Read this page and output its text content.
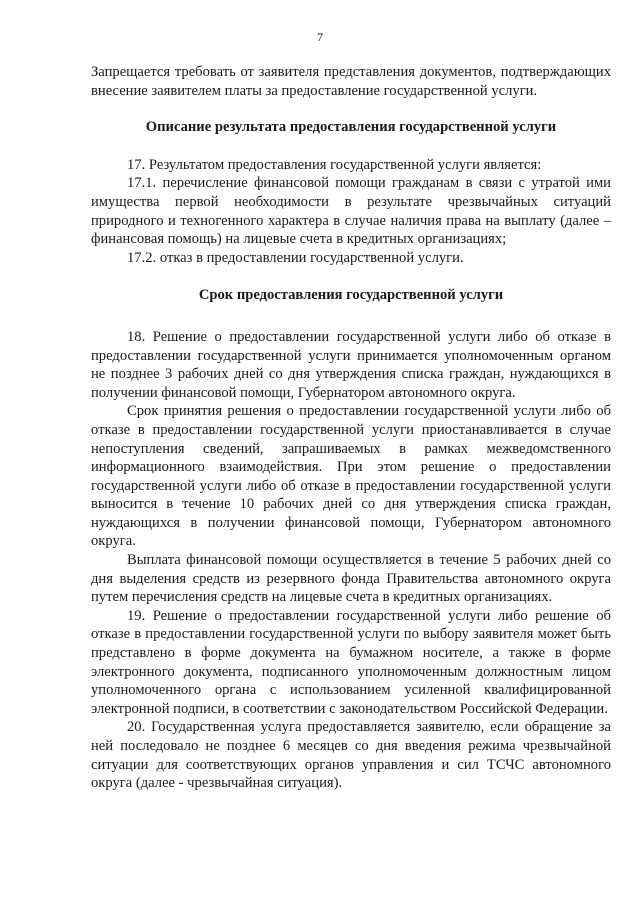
7

Запрещается требовать от заявителя представления документов, подтверждающих внесение заявителем платы за предоставление государственной услуги.

Описание результата предоставления государственной услуги

17. Результатом предоставления государственной услуги является:

17.1. перечисление финансовой помощи гражданам в связи с утратой ими имущества первой необходимости в результате чрезвычайных ситуаций природного и техногенного характера в случае наличия права на выплату (далее – финансовая помощь) на лицевые счета в кредитных организациях;

17.2. отказ в предоставлении государственной услуги.

Срок предоставления государственной услуги

18. Решение о предоставлении государственной услуги либо об отказе в предоставлении государственной услуги принимается уполномоченным органом не позднее 3 рабочих дней со дня утверждения списка граждан, нуждающихся в получении финансовой помощи, Губернатором автономного округа.

Срок принятия решения о предоставлении государственной услуги либо об отказе в предоставлении государственной услуги приостанавливается в случае непоступления сведений, запрашиваемых в рамках межведомственного информационного взаимодействия. При этом решение о предоставлении государственной услуги либо об отказе в предоставлении государственной услуги выносится в течение 10 рабочих дней со дня утверждения списка граждан, нуждающихся в получении финансовой помощи, Губернатором автономного округа.

Выплата финансовой помощи осуществляется в течение 5 рабочих дней со дня выделения средств из резервного фонда Правительства автономного округа путем перечисления средств на лицевые счета в кредитных организациях.

19. Решение о предоставлении государственной услуги либо решение об отказе в предоставлении государственной услуги по выбору заявителя может быть представлено в форме документа на бумажном носителе, а также в форме электронного документа, подписанного уполномоченным должностным лицом уполномоченного органа с использованием усиленной квалифицированной электронной подписи, в соответствии с законодательством Российской Федерации.

20. Государственная услуга предоставляется заявителю, если обращение за ней последовало не позднее 6 месяцев со дня введения режима чрезвычайной ситуации для соответствующих органов управления и сил ТСЧС автономного округа (далее - чрезвычайная ситуация).
